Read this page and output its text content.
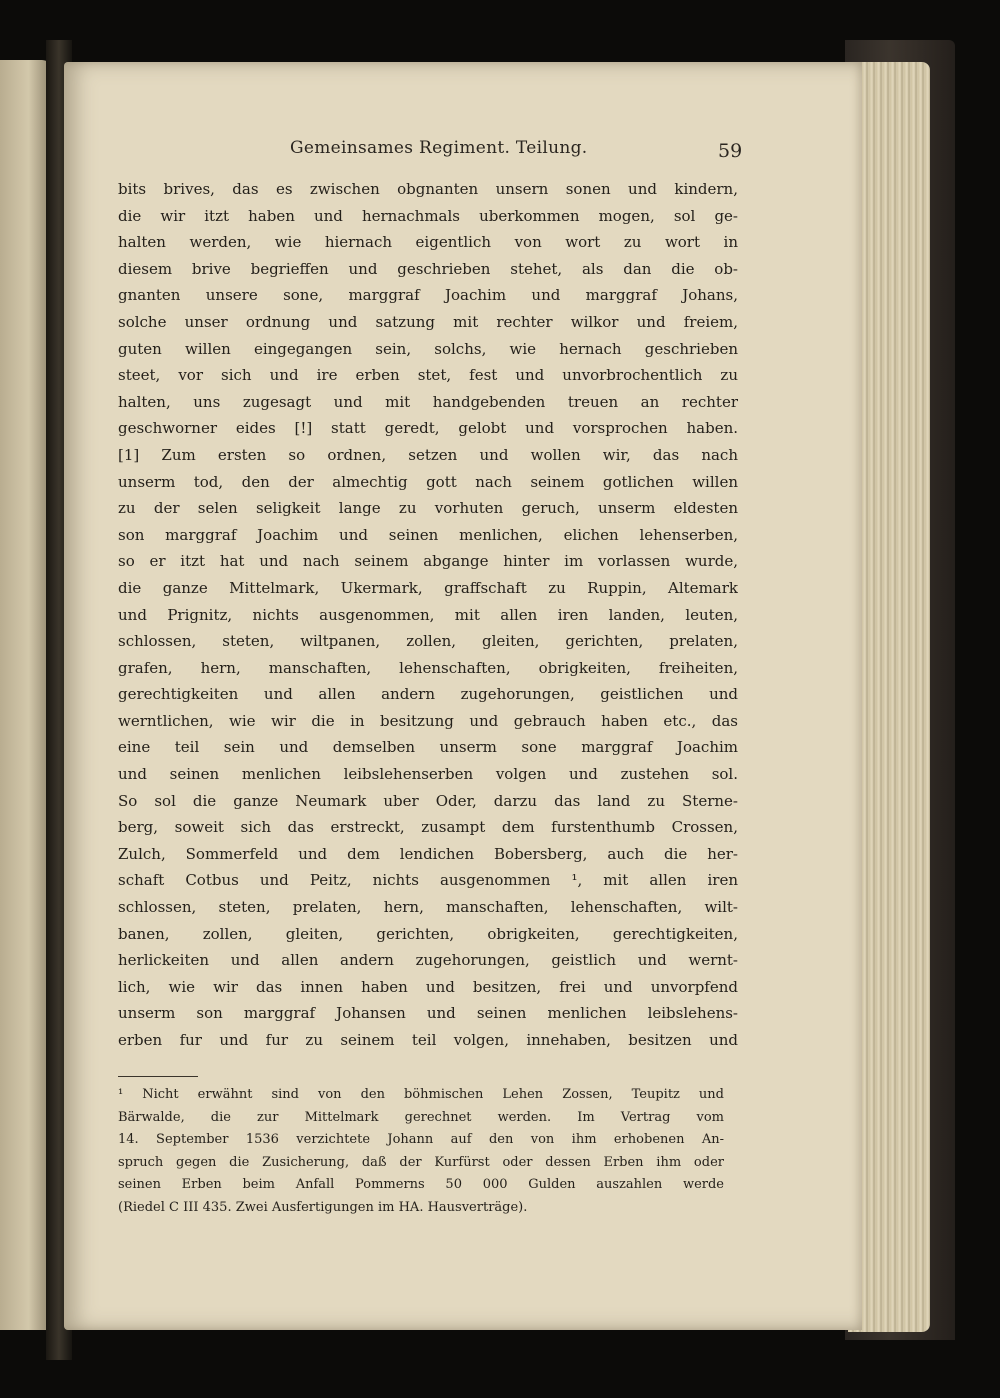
Gemeinsames Regiment. Teilung.	59
bits brives, das es zwischen obgnanten unsern sonen und kindern,
die wir itzt haben und hernachmals uberkommen mogen, sol ge-
halten werden, wie hiernach eigentlich von wort zu wort in
diesem brive begrieffen und geschrieben stehet, als dan die ob-
gnanten unsere sone, marggraf Joachim und marggraf Johans,
solche unser ordnung und satzung mit rechter wilkor und freiem,
guten willen eingegangen sein, solchs, wie hernach geschrieben
steet, vor sich und ire erben stet, fest und unvorbrochentlich zu
halten, uns zugesagt und mit handgebenden treuen an rechter
geschworner eides [!] statt geredt, gelobt und vorsprochen haben.
[1] Zum ersten so ordnen, setzen und wollen wir, das nach
unserm tod, den der almechtig gott nach seinem gotlichen willen
zu der selen seligkeit lange zu vorhuten geruch, unserm eldesten
son marggraf Joachim und seinen menlichen, elichen lehenserben,
so er itzt hat und nach seinem abgange hinter im vorlassen wurde,
die ganze Mittelmark, Ukermark, graffschaft zu Ruppin, Altemark
und Prignitz, nichts ausgenommen, mit allen iren landen, leuten,
schlossen, steten, wiltpanen, zollen, gleiten, gerichten, prelaten,
grafen, hern, manschaften, lehenschaften, obrigkeiten, freiheiten,
gerechtigkeiten und allen andern zugehorungen, geistlichen und
werntlichen, wie wir die in besitzung und gebrauch haben etc., das
eine teil sein und demselben unserm sone marggraf Joachim
und seinen menlichen leibslehenserben volgen und zustehen sol.
So sol die ganze Neumark uber Oder, darzu das land zu Sterne-
berg, soweit sich das erstreckt, zusampt dem furstenthumb Crossen,
Zulch, Sommerfeld und dem lendichen Bobersberg, auch die her-
schaft Cotbus und Peitz, nichts ausgenommen ¹, mit allen iren
schlossen, steten, prelaten, hern, manschaften, lehenschaften, wilt-
banen, zollen, gleiten, gerichten, obrigkeiten, gerechtigkeiten,
herlickeiten und allen andern zugehorungen, geistlich und wernt-
lich, wie wir das innen haben und besitzen, frei und unvorpfend
unserm son marggraf Johansen und seinen menlichen leibslehens-
erben fur und fur zu seinem teil volgen, innehaben, besitzen und
¹ Nicht erwähnt sind von den böhmischen Lehen Zossen, Teupitz und
Bärwalde, die zur Mittelmark gerechnet werden. Im Vertrag vom
14. September 1536 verzichtete Johann auf den von ihm erhobenen An-
spruch gegen die Zusicherung, daß der Kurfürst oder dessen Erben ihm oder
seinen Erben beim Anfall Pommerns 50 000 Gulden auszahlen werde
(Riedel C III 435. Zwei Ausfertigungen im HA. Hausverträge).
